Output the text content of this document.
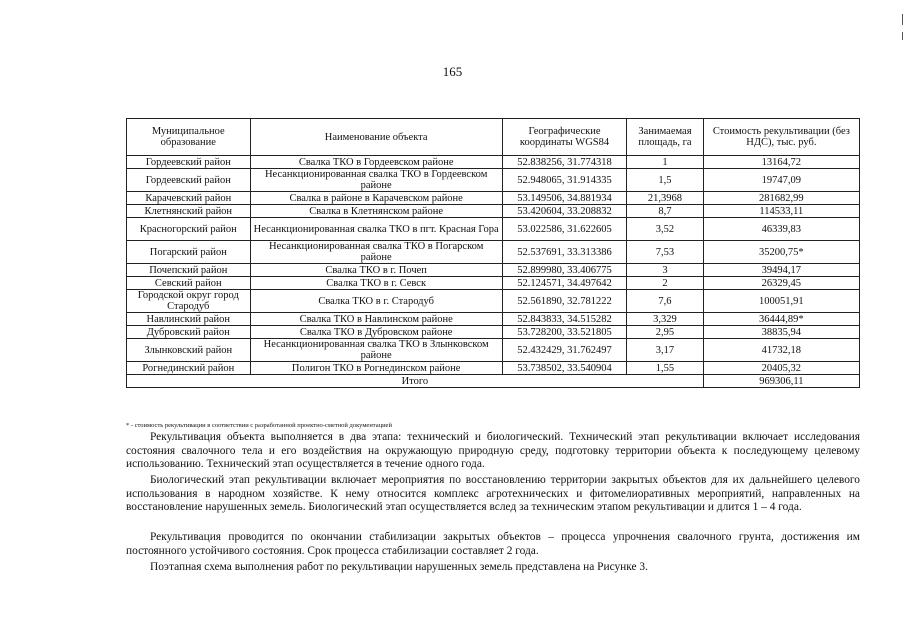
165
Муниципальное образование	Наименование объекта	Географические координаты WGS84	Занимаемая площадь, га	Стоимость рекультивации (без НДС), тыс. руб.
Гордеевский район	Свалка ТКО в Гордеевском районе	52.838256, 31.774318	1	13164,72
Гордеевский район	Несанкционированная свалка ТКО в Гордеевском районе	52.948065, 31.914335	1,5	19747,09
Карачевский район	Свалка в районе в Карачевском районе	53.149506, 34.881934	21,3968	281682,99
Клетнянский район	Свалка в Клетнянском районе	53.420604, 33.208832	8,7	114533,11
Красногорский район	Несанкционированная свалка ТКО в пгт. Красная Гора	53.022586, 31.622605	3,52	46339,83
Погарский район	Несанкционированная свалка ТКО в Погарском районе	52.537691, 33.313386	7,53	35200,75*
Почепский район	Свалка ТКО в г. Почеп	52.899980, 33.406775	3	39494,17
Севский район	Свалка ТКО в г. Севск	52.124571, 34.497642	2	26329,45
Городской округ город Стародуб	Свалка ТКО в г. Стародуб	52.561890, 32.781222	7,6	100051,91
Навлинский район	Свалка ТКО в Навлинском районе	52.843833, 34.515282	3,329	36444,89*
Дубровский район	Свалка ТКО в Дубровском районе	53.728200, 33.521805	2,95	38835,94
Злынковский район	Несанкционированная свалка ТКО в Злынковском районе	52.432429, 31.762497	3,17	41732,18
Рогнединский район	Полигон ТКО в Рогнединском районе	53.738502, 33.540904	1,55	20405,32
Итого				969306,11
* - стоимость рекультивации в соответствии с разработанной проектно-сметной документацией

Рекультивация объекта выполняется в два этапа: технический и биологический. Технический этап рекультивации включает исследования состояния свалочного тела и его воздействия на окружающую природную среду, подготовку территории объекта к последующему целевому использованию. Технический этап осуществляется в течение одного года.

Биологический этап рекультивации включает мероприятия по восстановлению территории закрытых объектов для их дальнейшего целевого использования в народном хозяйстве. К нему относится комплекс агротехнических и фитомелиоративных мероприятий, направленных на восстановление нарушенных земель. Биологический этап осуществляется вслед за техническим этапом рекультивации и длится 1 – 4 года.

Рекультивация проводится по окончании стабилизации закрытых объектов – процесса упрочнения свалочного грунта, достижения им постоянного устойчивого состояния. Срок процесса стабилизации составляет 2 года.

Поэтапная схема выполнения работ по рекультивации нарушенных земель представлена на Рисунке 3.
